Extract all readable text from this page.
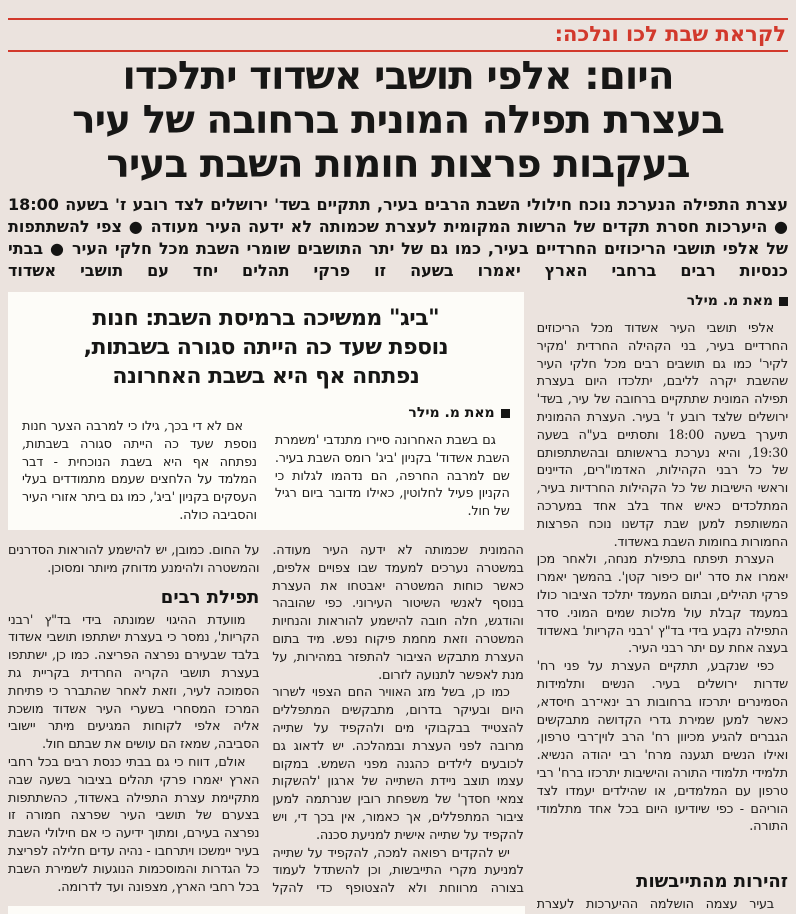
לקראת שבת לכו ונלכה:
היום: אלפי תושבי אשדוד יתלכדו
בעצרת תפילה המונית ברחובה של עיר
בעקבות פרצות חומות השבת בעיר

עצרת התפילה הנערכת נוכח חילולי השבת הרבים בעיר, תתקיים בשד' ירושלים לצד רובע ז' בשעה 18:00 ● היערכות חסרת תקדים של הרשות המקומית לעצרת שכמותה לא ידעה העיר מעודה ● צפי להשתתפות של אלפי תושבי הריכוזים החרדיים בעיר, כמו גם של יתר התושבים שומרי השבת מכל חלקי העיר ● בבתי כנסיות רבים ברחבי הארץ יאמרו בשעה זו פרקי תהלים יחד עם תושבי אשדוד

מאת מ. מילר

אלפי תושבי העיר אשדוד מכל הריכוזים החרדיים בעיר, בני הקהילה החרדית 'מקיר לקיר' כמו גם תושבים רבים מכל חלקי העיר שהשבת יקרה לליבם, יתלכדו היום בעצרת תפילה המונית שתתקיים ברחובה של עיר, בשד' ירושלים שלצד רובע ז' בעיר. העצרת ההמונית תיערך בשעה 18:00 ותסתיים בע"ה בשעה 19:30, והיא נערכת בראשותם ובהשתתפותם של כל רבני הקהילות, האדמו"רים, הדיינים וראשי הישיבות של כל הקהילות החרדיות בעיר, המתלכדים כאיש אחד בלב אחד במערכה המשותפת למען שבת קדשנו נוכח הפרצות החמורות בחומות השבת באשדוד.

העצרת תיפתח בתפילת מנחה, ולאחר מכן יאמרו את סדר 'יום כיפור קטן'. בהמשך יאמרו פרקי תהילים, ובתום המעמד יתלכד הציבור כולו במעמד קבלת עול מלכות שמים המוני. סדר התפילה נקבע בידי בד"ץ 'רבני הקריות' באשדוד בעצה אחת עם יתר רבני העיר.

כפי שנקבע, תתקיים העצרת על פני רח' שדרות ירושלים בעיר. הנשים ותלמידות הסמינרים יתרכזו ברחובות רב ינאי־רב חיסדא, כאשר למען שמירת גדרי הקדושה מתבקשים הגברים להגיע מכיוון רח' הרב לוין־רבי טרפון, ואילו הנשים תגענה מרח' רבי יהודה הנשיא. תלמידי תלמודי התורה והישיבות יתרכזו ברח' רבי טרפון עם המלמדים, או שהילדים יעמדו לצד הוריהם - כפי שיודיעו היום בכל אחד מתלמודי התורה.

זהירות מהתייבשות

בעיר עצמה הושלמה ההיערכות לעצרת

"ביג" ממשיכה ברמיסת השבת: חנות
נוספת שעד כה הייתה סגורה בשבתות,
נפתחה אף היא בשבת האחרונה
מאת מ. מילר

גם בשבת האחרונה סיירו מתנדבי 'משמרת השבת אשדוד' בקניון 'ביג' רומס השבת בעיר. שם למרבה החרפה, הם נדהמו לגלות כי הקניון פעיל לחלוטין, כאילו מדובר ביום רגיל של חול.

אם לא די בכך, גילו כי למרבה הצער חנות נוספת שעד כה הייתה סגורה בשבתות, נפתחה אף היא בשבת הנוכחית - דבר המלמד על הלחצים שעמם מתמודדים בעלי העסקים בקניון 'ביג', כמו גם ביתר אזורי העיר והסביבה כולה.

ההמונית שכמותה לא ידעה העיר מעודה. במשטרה נערכים למעמד שבו צפויים אלפים, כאשר כוחות המשטרה יאבטחו את העצרת בנוסף לאנשי השיטור העירוני. כפי שהובהר והודגש, חלה חובה להישמע להוראות והנחיות המשטרה וזאת מחמת פיקוח נפש. מיד בתום העצרת מתבקש הציבור להתפזר במהירות, על מנת לאפשר לתנועה לזרום.

כמו כן, בשל מזג האוויר החם הצפוי לשרור היום ובעיקר בדרום, מתבקשים המתפללים להצטייד בבקבוקי מים ולהקפיד על שתייה מרובה לפני העצרת ובמהלכה. יש לדאוג גם לכובעים לילדים כהגנה מפני השמש. במקום עצמו תוצב ניידת השתייה של ארגון 'להשקות צמאי חסדך' של משפחת רובין שנרתמה למען ציבור המתפללים, אך כאמור, אין בכך די, ויש להקפיד על שתייה אישית למניעת סכנה.

יש להקדים רפואה למכה, להקפיד על שתייה למניעת מקרי התייבשות, וכן להשתדל לעמוד בצורה מרווחת ולא להצטופף כדי להקל

על החום. כמובן, יש להישמע להוראות הסדרנים והמשטרה ולהימנע מדוחק מיותר ומסוכן.

תפילת רבים

מוועדת ההיגוי שמונתה בידי בד"ץ 'רבני הקריות', נמסר כי בעצרת ישתתפו תושבי אשדוד בלבד שבעירם נפרצה הפריצה. כמו כן, ישתתפו בעצרת תושבי הקריה החרדית בקריית גת הסמוכה לעיר, וזאת לאחר שהתברר כי פתיחת המרכז המסחרי בשערי העיר אשדוד מושכת אליה אלפי לקוחות המגיעים מיתר יישובי הסביבה, שמאז הם עושים את שבתם חול.

אולם, דווח כי גם בבתי כנסת רבים בכל רחבי הארץ יאמרו פרקי תהלים בציבור בשעה שבה מתקיימת עצרת התפילה באשדוד, כהשתתפות בצערם של תושבי העיר שפרצה חמורה זו נפרצה בעירם, ומתוך ידיעה כי אם חילולי השבת בעיר יימשכו ויתרחבו - נהיה עדים חלילה לפריצת כל הגדרות והמוסכמות הנוגעות לשמירת השבת בכל רחבי הארץ, מצפונה ועד לדרומה.
